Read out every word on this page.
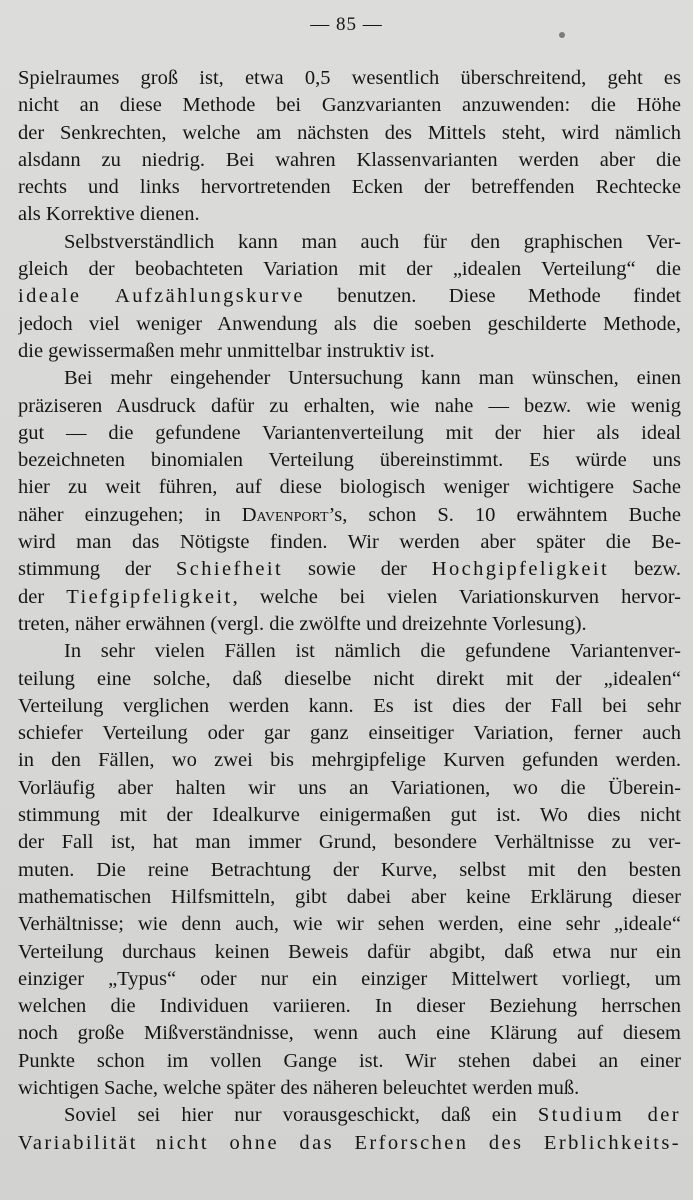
— 85 —
Spielraumes groß ist, etwa 0,5 wesentlich überschreitend, geht es
nicht an diese Methode bei Ganzvarianten anzuwenden: die Höhe
der Senkrechten, welche am nächsten des Mittels steht, wird nämlich
alsdann zu niedrig. Bei wahren Klassenvarianten werden aber die
rechts und links hervortretenden Ecken der betreffenden Rechtecke
als Korrektive dienen.
Selbstverständlich kann man auch für den graphischen Ver-
gleich der beobachteten Variation mit der „idealen Verteilung“ die
ideale Aufzählungskurve benutzen. Diese Methode findet
jedoch viel weniger Anwendung als die soeben geschilderte Methode,
die gewissermaßen mehr unmittelbar instruktiv ist.
Bei mehr eingehender Untersuchung kann man wünschen, einen
präziseren Ausdruck dafür zu erhalten, wie nahe — bezw. wie wenig
gut — die gefundene Variantenverteilung mit der hier als ideal
bezeichneten binomialen Verteilung übereinstimmt. Es würde uns
hier zu weit führen, auf diese biologisch weniger wichtigere Sache
näher einzugehen; in Davenport’s, schon S. 10 erwähntem Buche
wird man das Nötigste finden. Wir werden aber später die Be-
stimmung der Schiefheit sowie der Hochgipfeligkeit bezw.
der Tiefgipfeligkeit, welche bei vielen Variationskurven hervor-
treten, näher erwähnen (vergl. die zwölfte und dreizehnte Vorlesung).
In sehr vielen Fällen ist nämlich die gefundene Variantenver-
teilung eine solche, daß dieselbe nicht direkt mit der „idealen“
Verteilung verglichen werden kann. Es ist dies der Fall bei sehr
schiefer Verteilung oder gar ganz einseitiger Variation, ferner auch
in den Fällen, wo zwei bis mehrgipfelige Kurven gefunden werden.
Vorläufig aber halten wir uns an Variationen, wo die Überein-
stimmung mit der Idealkurve einigermaßen gut ist. Wo dies nicht
der Fall ist, hat man immer Grund, besondere Verhältnisse zu ver-
muten. Die reine Betrachtung der Kurve, selbst mit den besten
mathematischen Hilfsmitteln, gibt dabei aber keine Erklärung dieser
Verhältnisse; wie denn auch, wie wir sehen werden, eine sehr „ideale“
Verteilung durchaus keinen Beweis dafür abgibt, daß etwa nur ein
einziger „Typus“ oder nur ein einziger Mittelwert vorliegt, um
welchen die Individuen variieren. In dieser Beziehung herrschen
noch große Mißverständnisse, wenn auch eine Klärung auf diesem
Punkte schon im vollen Gange ist. Wir stehen dabei an einer
wichtigen Sache, welche später des näheren beleuchtet werden muß.
Soviel sei hier nur vorausgeschickt, daß ein Studium der
Variabilität nicht ohne das Erforschen des Erblichkeits-
